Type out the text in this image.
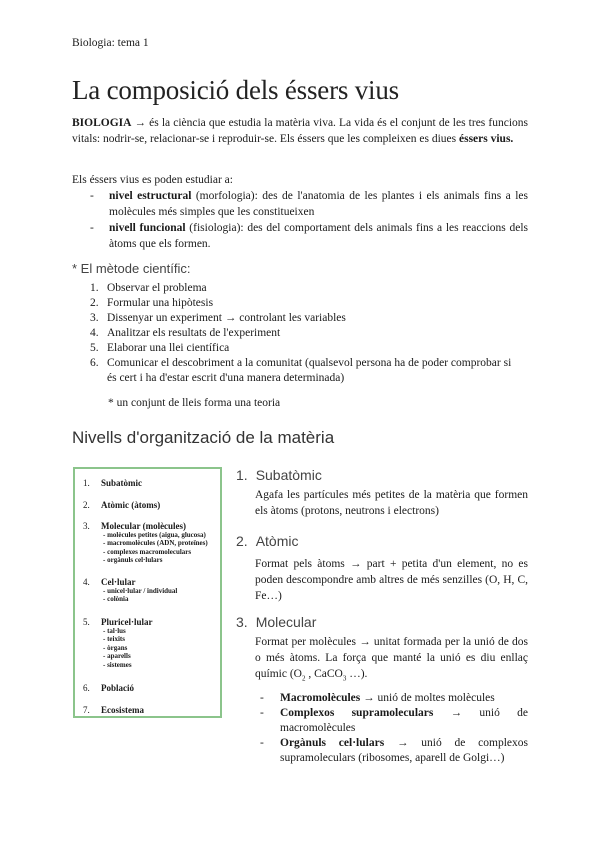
Biologia: tema 1
La composició dels éssers vius
BIOLOGIA → és la ciència que estudia la matèria viva. La vida és el conjunt de les tres funcions vitals: nodrir-se, relacionar-se i reproduir-se. Els éssers que les compleixen es diues éssers vius.
Els éssers vius es poden estudiar a:
- nivel estructural (morfologia): des de l'anatomia de les plantes i els animals fins a les molècules més simples que les constitueixen
- nivell funcional (fisiologia): des del comportament dels animals fins a les reaccions dels àtoms que els formen.
* El mètode científic:
1. Observar el problema
2. Formular una hipòtesis
3. Dissenyar un experiment → controlant les variables
4. Analitzar els resultats de l'experiment
5. Elaborar una llei científica
6. Comunicar el descobriment a la comunitat (qualsevol persona ha de poder comprobar si és cert i ha d'estar escrit d'una manera determinada)
* un conjunt de lleis forma una teoria
Nivells d'organització de la matèria
1. Subatòmic
2. Atòmic (àtoms)
3. Molecular (molècules)
- molècules petites (aigua, glucosa)
- macromolècules (ADN, proteïnes)
- complexes macromoleculars
- orgànuls cel·lulars
4. Cel·lular
- unicel·lular / individual
- colònia
5. Pluricel·lular
- tal·lus
- teixits
- òrgans
- aparells
- sistemes
6. Població
7. Ecosistema
1. Subatòmic
Agafa les partícules més petites de la matèria que formen els àtoms (protons, neutrons i electrons)
2. Atòmic
Format pels àtoms → part + petita d'un element, no es poden descompondre amb altres de més senzilles (O, H, C, Fe…)
3. Molecular
Format per molècules → unitat formada per la unió de dos o més àtoms. La força que manté la unió es diu enllaç químic ($O_2$ , CaCO$_3$ …).
- Macromolècules → unió de moltes molècules
- Complexos supramoleculars → unió de macromolècules
- Orgànuls cel·lulars → unió de complexos supramoleculars (ribosomes, aparell de Golgi…)
